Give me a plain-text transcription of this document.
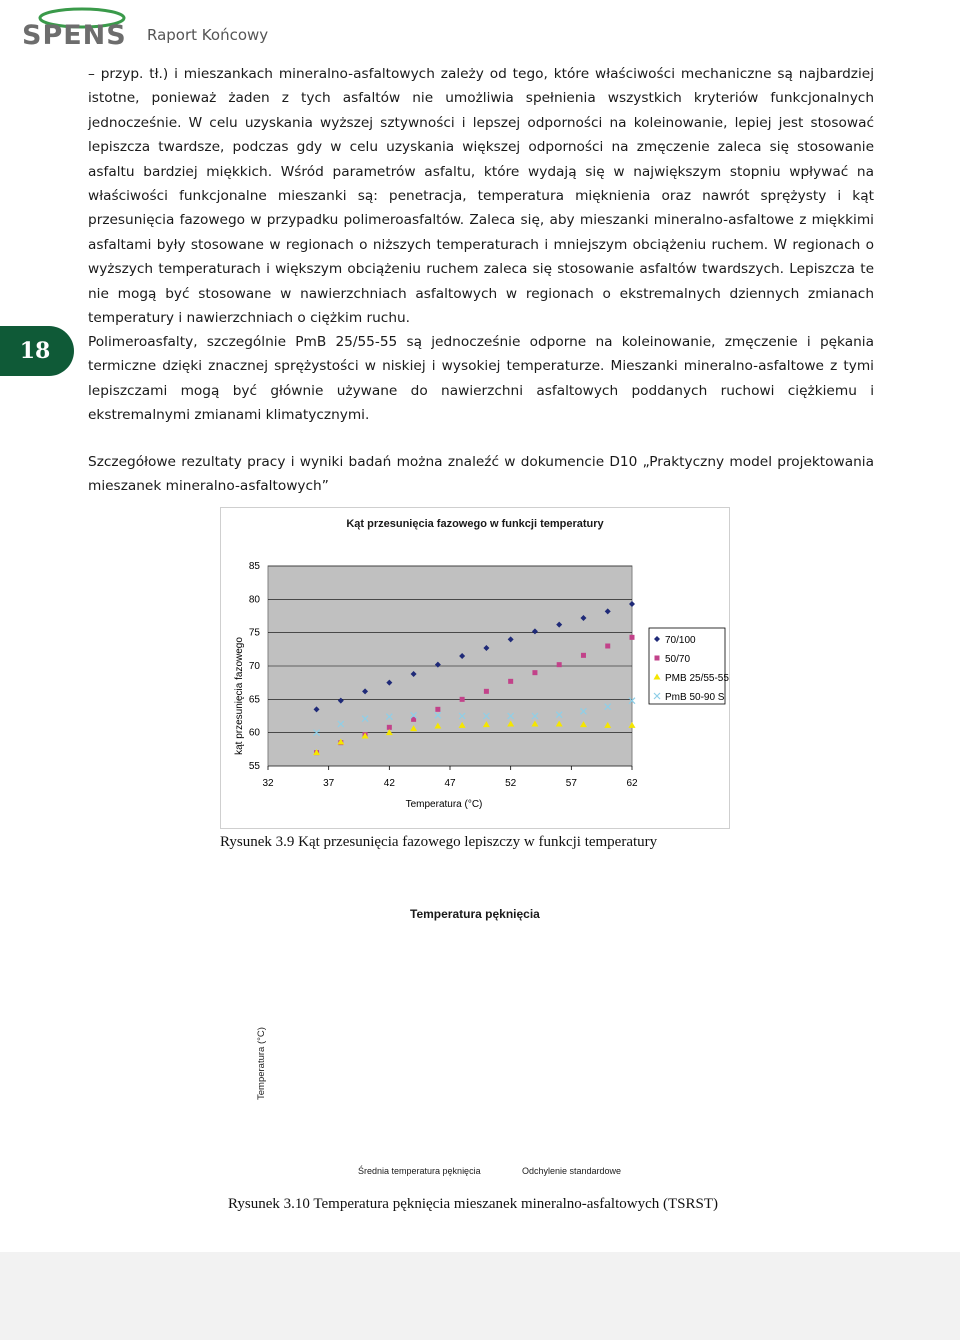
SPENS Raport Końcowy

– przyp. tł.) i mieszankach mineralno-asfaltowych zależy od tego, które właściwości mechaniczne są najbardziej istotne, ponieważ żaden z tych asfaltów nie umożliwia spełnienia wszystkich kryteriów funkcjonalnych jednocześnie. W celu uzyskania wyższej sztywności i lepszej odporności na koleinowanie, lepiej jest stosować lepiszcza twardsze, podczas gdy w celu uzyskania większej odporności na zmęczenie zaleca się stosowanie asfaltu bardziej miękkich. Wśród parametrów asfaltu, które wydają się w największym stopniu wpływać na właściwości funkcjonalne mieszanki są: penetracja, temperatura mięknienia oraz nawrót sprężysty i kąt przesunięcia fazowego w przypadku polimeroasfaltów. Zaleca się, aby mieszanki mineralno-asfaltowe z miękkimi asfaltami były stosowane w regionach o niższych temperaturach i mniejszym obciążeniu ruchem. W regionach o wyższych temperaturach i większym obciążeniu ruchem zaleca się stosowanie asfaltów twardszych. Lepiszcza te nie mogą być stosowane w nawierzchniach asfaltowych w regionach o ekstremalnych dziennych zmianach temperatury i nawierzchniach o ciężkim ruchu.

Polimeroasfalty, szczególnie PmB 25/55-55 są jednocześnie odporne na koleinowanie, zmęczenie i pękania termiczne dzięki znacznej sprężystości w niskiej i wysokiej temperaturze. Mieszanki mineralno-asfaltowe z tymi lepiszczami mogą być głównie używane do nawierzchni asfaltowych poddanych ruchowi ciężkiemu i ekstremalnymi zmianami klimatycznymi.

Szczegółowe rezultaty pracy i wyniki badań można znaleźć w dokumencie D10 „Praktyczny model projektowania mieszanek mineralno-asfaltowych”

18
Kąt przesunięcia fazowego w funkcji temperatury
55
60
65
70
75
80
85
32	37	42	47	52	57	62
Temperatura (°C)
kąt przesunięcia fazowego	70/100
50/70
PMB 25/55-55
PmB 50-90 S
Rysunek 3.9 Kąt przesunięcia fazowego lepiszczy w funkcji temperatury
Temperatura pęknięcia
Temperatura (°C)
Średnia temperatura pęknięcia	Odchylenie standardowe
Rysunek 3.10 Temperatura pęknięcia mieszanek mineralno-asfaltowych (TSRST)
